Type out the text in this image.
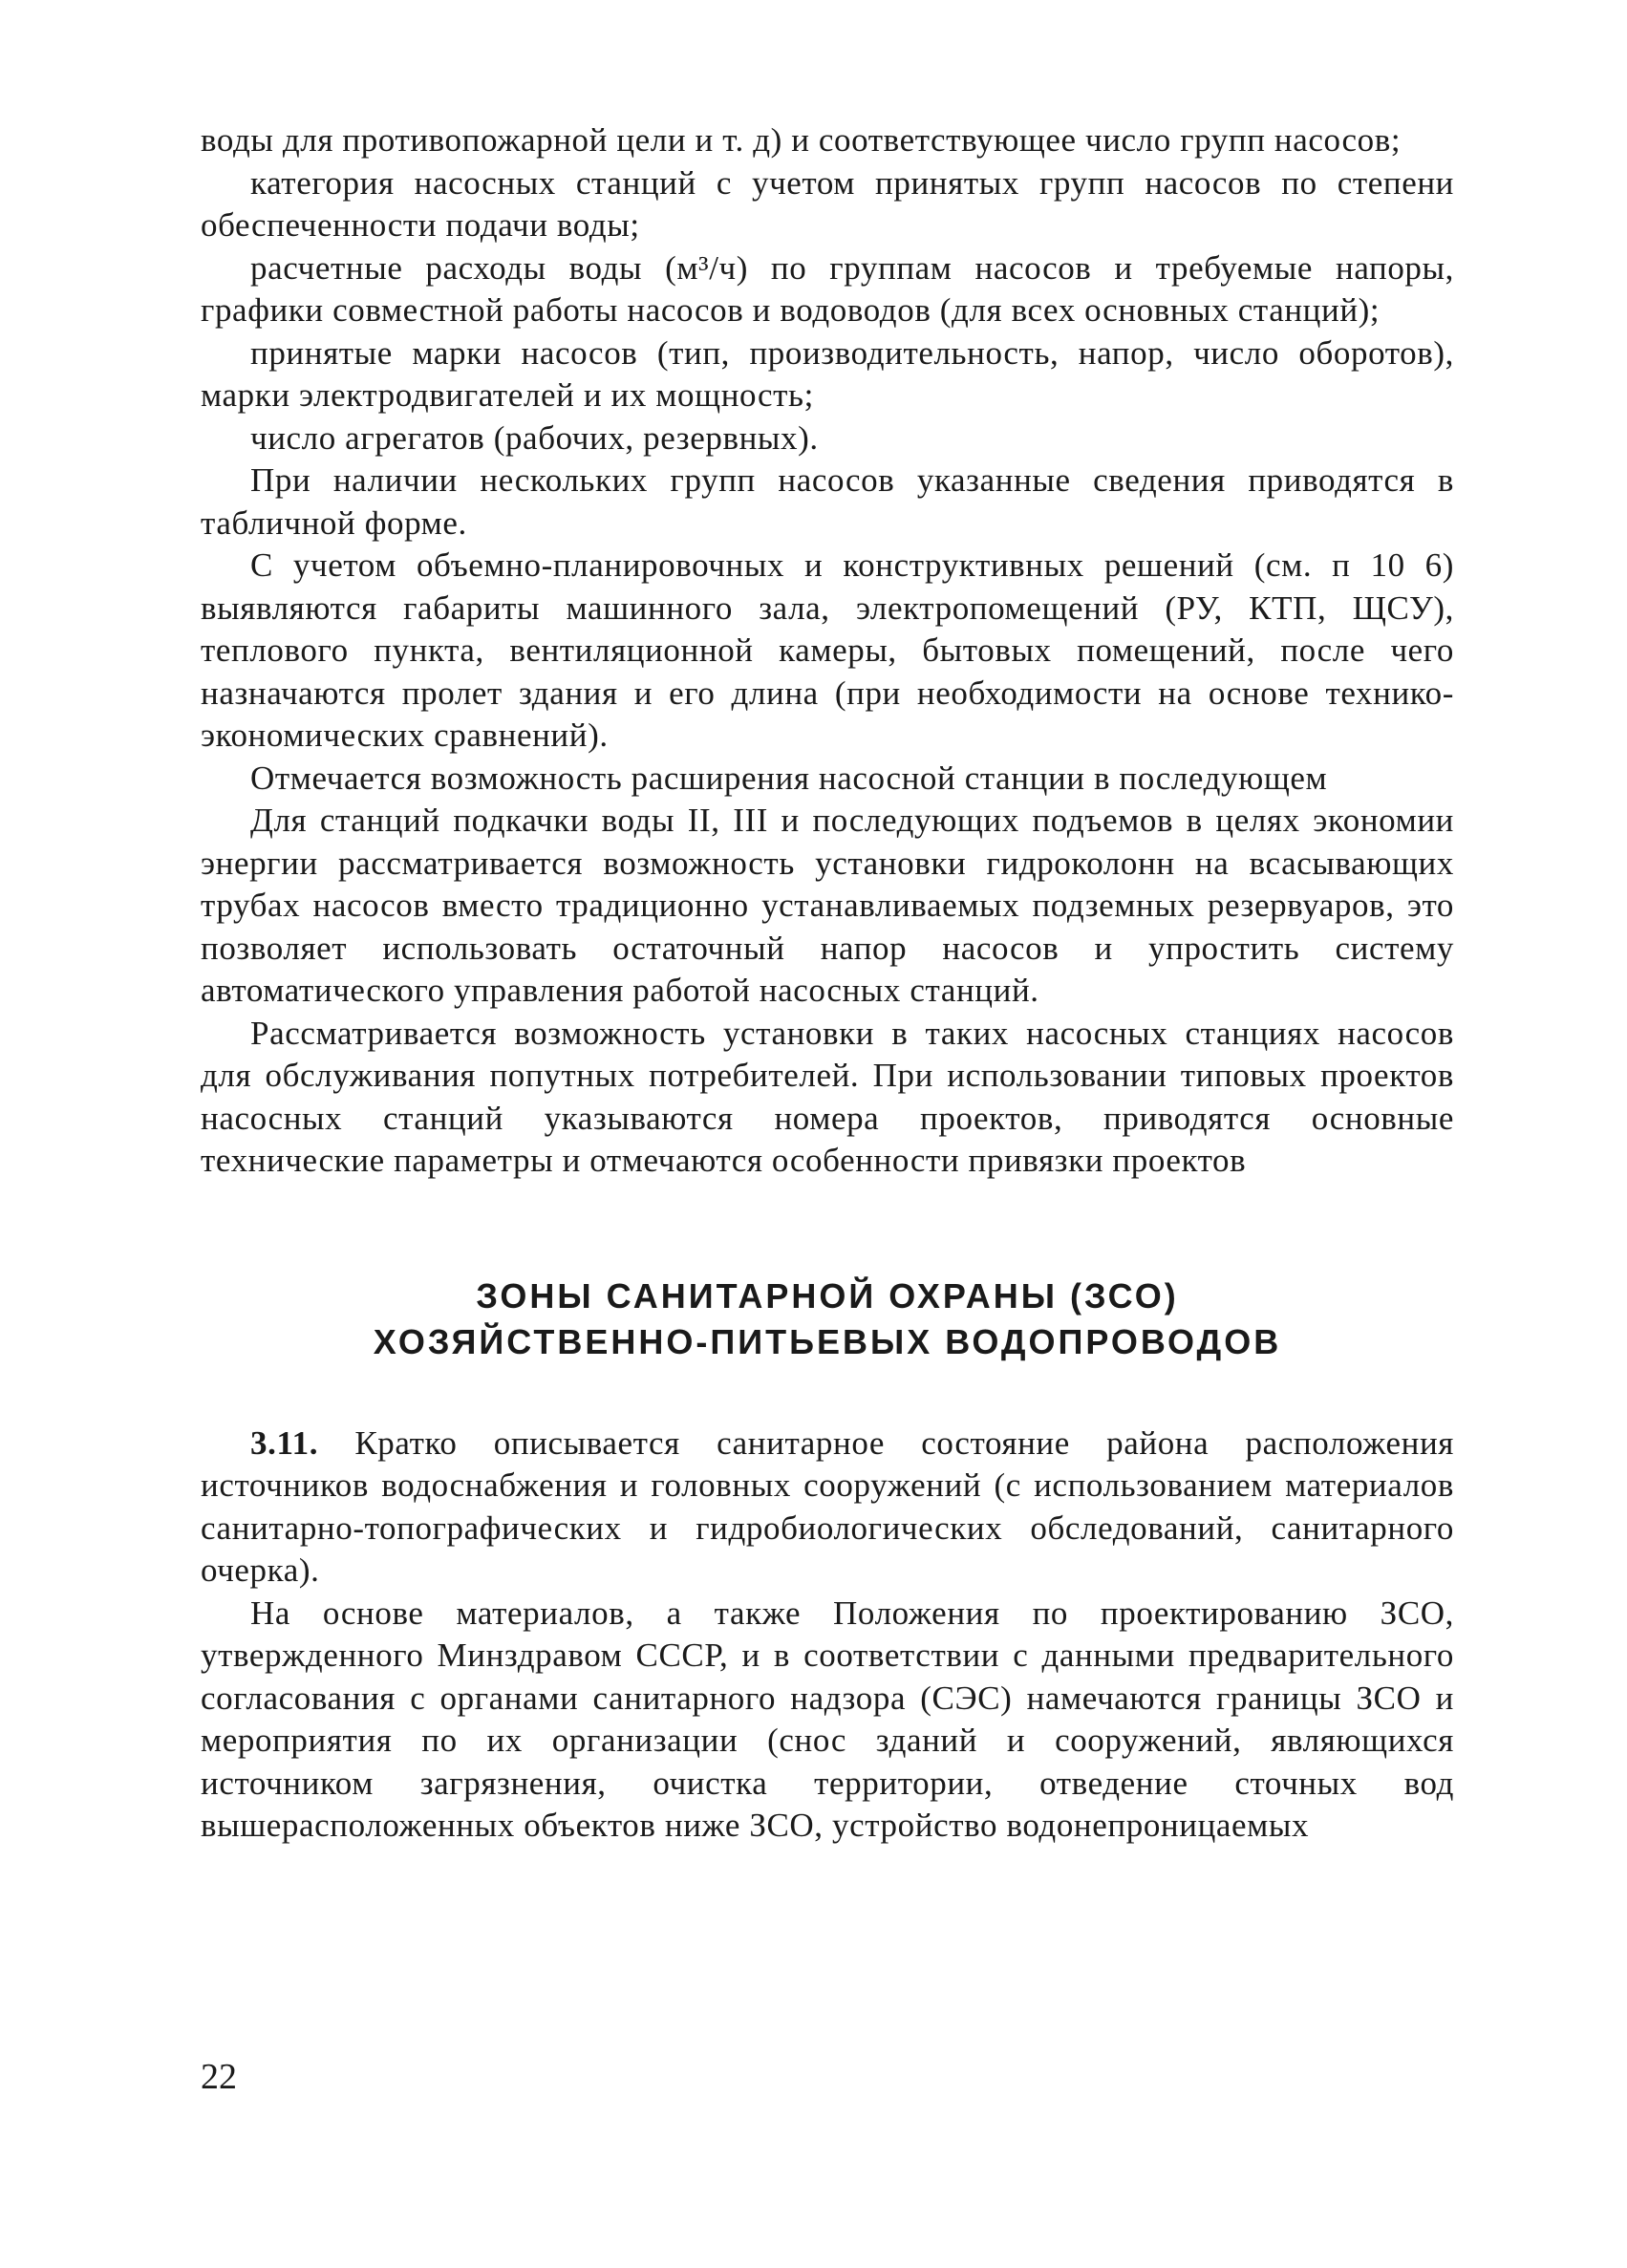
воды для противопожарной цели и т. д) и соответствующее число групп насосов;

категория насосных станций с учетом принятых групп насосов по степени обеспеченности подачи воды;

расчетные расходы воды (м³/ч) по группам насосов и требуемые напоры, графики совместной работы насосов и водоводов (для всех основных станций);

принятые марки насосов (тип, производительность, напор, число оборотов), марки электродвигателей и их мощность;

число агрегатов (рабочих, резервных).

При наличии нескольких групп насосов указанные сведения приводятся в табличной форме.

С учетом объемно-планировочных и конструктивных решений (см. п 10 6) выявляются габариты машинного зала, электропомещений (РУ, КТП, ЩСУ), теплового пункта, вентиляционной камеры, бытовых помещений, после чего назначаются пролет здания и его длина (при необходимости на основе технико-экономических сравнений).

Отмечается возможность расширения насосной станции в последующем

Для станций подкачки воды II, III и последующих подъемов в целях экономии энергии рассматривается возможность установки гидроколонн на всасывающих трубах насосов вместо традиционно устанавливаемых подземных резервуаров, это позволяет использовать остаточный напор насосов и упростить систему автоматического управления работой насосных станций.

Рассматривается возможность установки в таких насосных станциях насосов для обслуживания попутных потребителей. При использовании типовых проектов насосных станций указываются номера проектов, приводятся основные технические параметры и отмечаются особенности привязки проектов

ЗОНЫ САНИТАРНОЙ ОХРАНЫ (ЗСО)
ХОЗЯЙСТВЕННО-ПИТЬЕВЫХ ВОДОПРОВОДОВ

3.11. Кратко описывается санитарное состояние района расположения источников водоснабжения и головных сооружений (с использованием материалов санитарно-топографических и гидробиологических обследований, санитарного очерка).

На основе материалов, а также Положения по проектированию ЗСО, утвержденного Минздравом СССР, и в соответствии с данными предварительного согласования с органами санитарного надзора (СЭС) намечаются границы ЗСО и мероприятия по их организации (снос зданий и сооружений, являющихся источником загрязнения, очистка территории, отведение сточных вод вышерасположенных объектов ниже ЗСО, устройство водонепроницаемых

22
